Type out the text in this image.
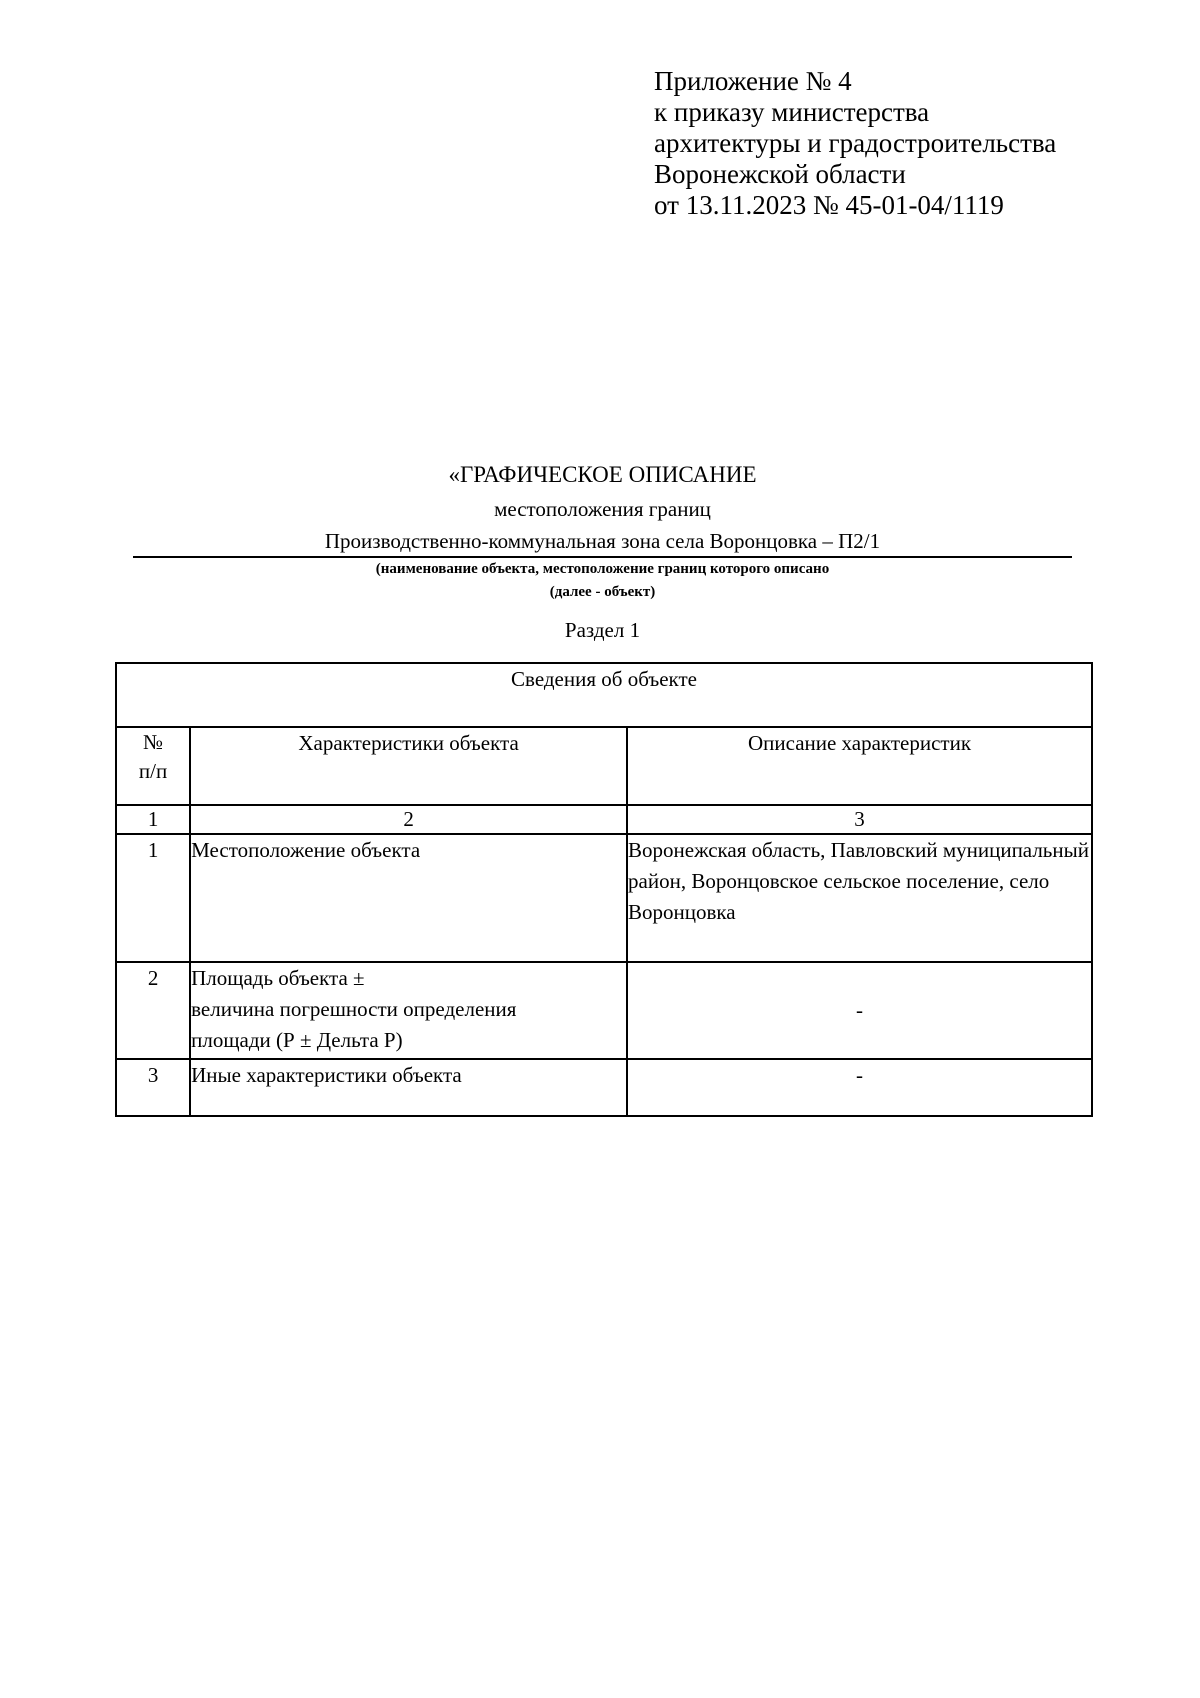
Приложение № 4
к приказу министерства
архитектуры и градостроительства
Воронежской области
от 13.11.2023 № 45-01-04/1119
«ГРАФИЧЕСКОЕ ОПИСАНИЕ
местоположения границ
Производственно-коммунальная зона села Воронцовка – П2/1
(наименование объекта, местоположение границ которого описано
(далее - объект)
Раздел 1
Сведения об объекте		

№
п/п	Характеристики объекта	Описание характеристик
1	2	3
1	Местоположение объекта	Воронежская область, Павловский муниципальный район, Воронцовское сельское поселение, село Воронцовка
2	Площадь объекта ±
величина погрешности определения
площади (Р ± Дельта Р)	-
3	Иные характеристики объекта	-
